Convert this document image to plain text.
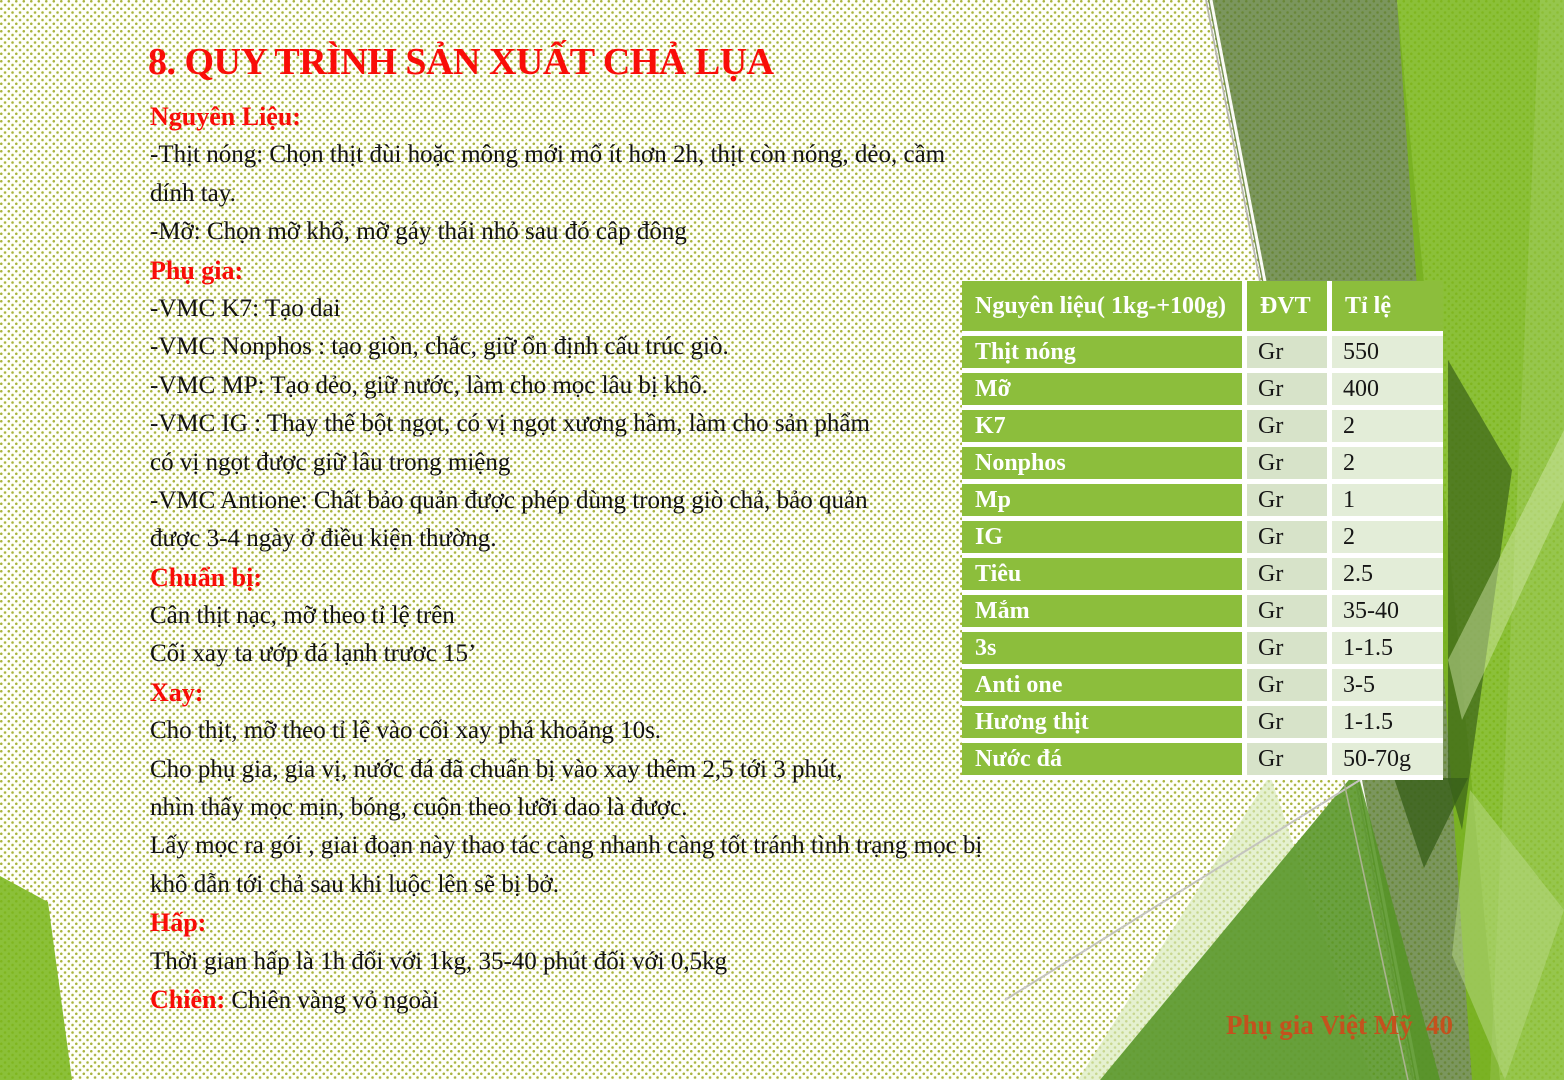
8. QUY TRÌNH SẢN XUẤT CHẢ LỤA
Nguyên Liệu:
-Thịt nóng: Chọn thịt đùi hoặc mông mới mổ ít hơn 2h, thịt còn nóng, dẻo, cầm
dính tay.
-Mỡ: Chọn mỡ khổ, mỡ gáy thái nhỏ sau đó câp đông
Phụ gia:
-VMC K7: Tạo dai
-VMC Nonphos : tạo giòn, chắc, giữ ổn định cấu trúc giò.
-VMC MP: Tạo dẻo, giữ nước, làm cho mọc lâu bị khô.
-VMC IG : Thay thế bột ngọt, có vị ngọt xương hầm, làm cho sản phẩm
có vị ngọt được giữ lâu trong miệng
-VMC Antione: Chất bảo quản được phép dùng trong giò chả, bảo quản
được 3-4 ngày ở điều kiện thường.
Chuẩn bị:
Cân thịt nạc, mỡ theo tỉ lệ trên
Cối xay ta ướp đá lạnh trươc 15’
Xay:
Cho thịt, mỡ theo tỉ lệ vào cối xay phá khoảng 10s.
Cho phụ gia, gia vị, nước đá đã chuẩn bị vào xay thêm 2,5 tới 3 phút,
nhìn thấy mọc mịn, bóng, cuộn theo lưỡi dao là được.
Lấy mọc ra gói , giai đoạn này thao tác càng nhanh càng tốt tránh tình trạng mọc bị
khô dẫn tới chả sau khi luộc lên sẽ bị bở.
Hấp:
Thời gian hấp là 1h đối với 1kg, 35-40 phút đối với 0,5kg
Chiên: Chiên vàng vỏ ngoài
Nguyên liệu( 1kg-+100g)	ĐVT	Tỉ lệ
Thịt nóng	Gr	550
Mỡ	Gr	400
K7	Gr	2
Nonphos	Gr	2
Mp	Gr	1
IG	Gr	2
Tiêu	Gr	2.5
Mắm	Gr	35-40
3s	Gr	1-1.5
Anti one	Gr	3-5
Hương thịt	Gr	1-1.5
Nước đá	Gr	50-70g
Phụ gia Việt Mỹ 40
